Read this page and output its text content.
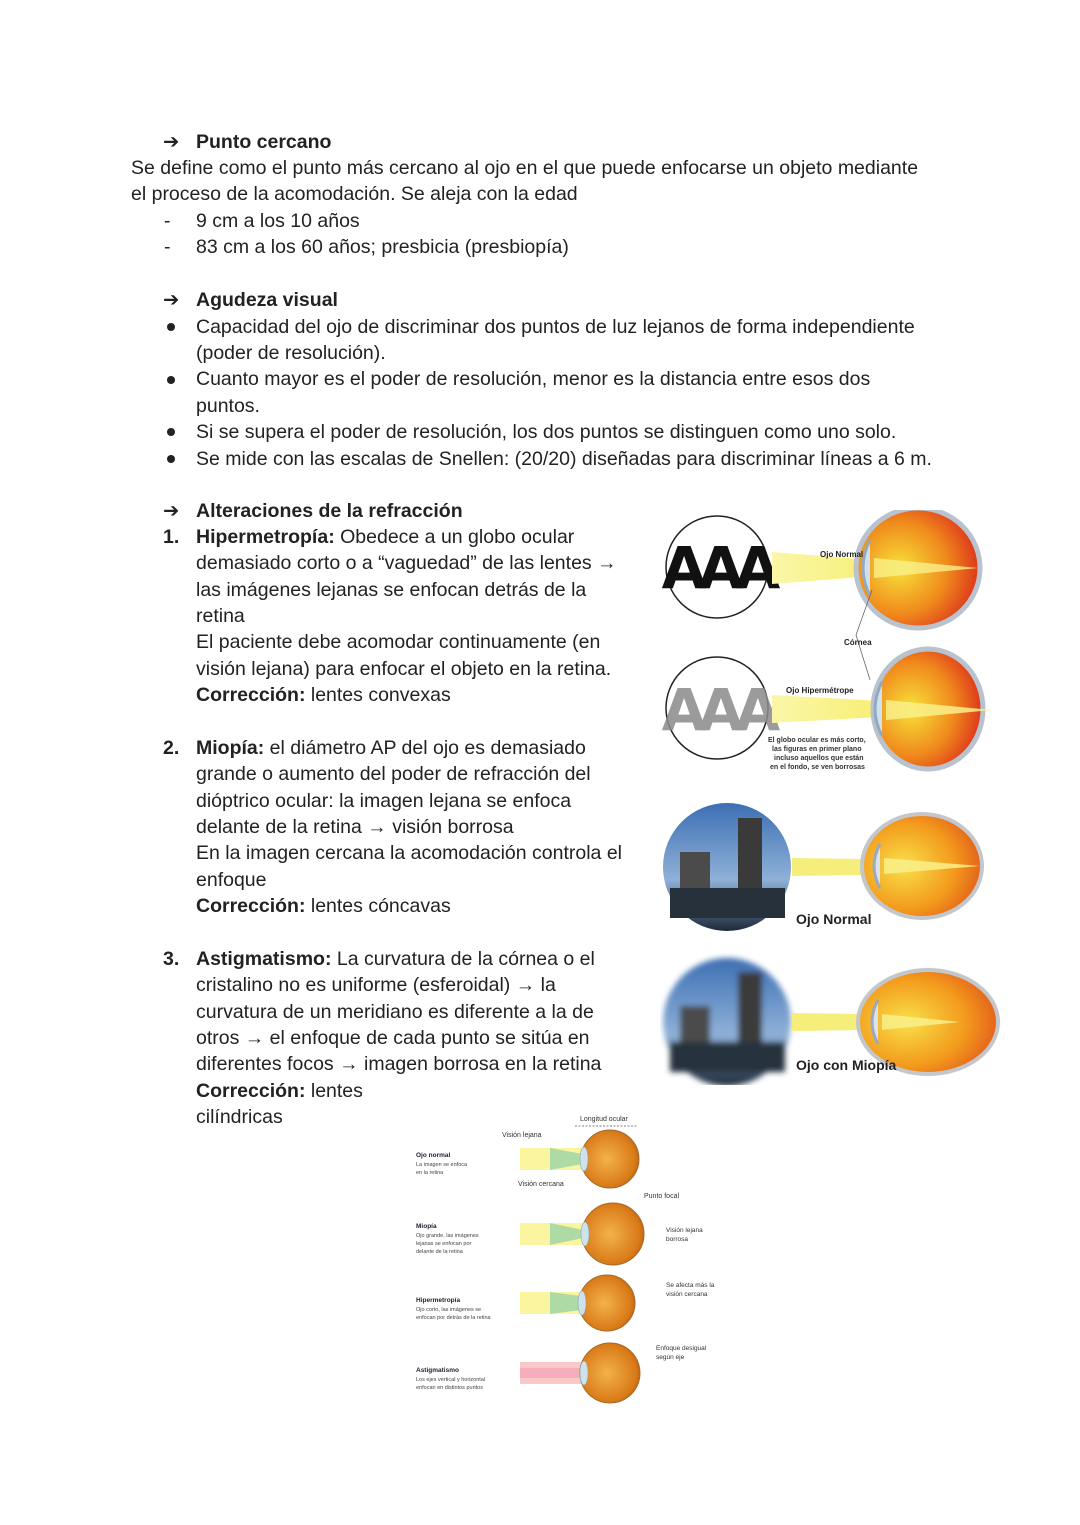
➔ Punto cercano
Se define como el punto más cercano al ojo en el que puede enfocarse un objeto mediante
el proceso de la acomodación. Se aleja con la edad
- 9 cm a los 10 años
- 83 cm a los 60 años; presbicia (presbiopía)
➔ Agudeza visual
Capacidad del ojo de discriminar dos puntos de luz lejanos de forma independiente
(poder de resolución).
Cuanto mayor es el poder de resolución, menor es la distancia entre esos dos
puntos.
Si se supera el poder de resolución, los dos puntos se distinguen como uno solo.
Se mide con las escalas de Snellen: (20/20) diseñadas para discriminar líneas a 6 m.
➔ Alteraciones de la refracción
1. Hipermetropía: Obedece a un globo ocular
demasiado corto o a “vaguedad” de las lentes →
las imágenes lejanas se enfocan detrás de la
retina
El paciente debe acomodar continuamente (en
visión lejana) para enfocar el objeto en la retina.
Corrección: lentes convexas
2. Miopía: el diámetro AP del ojo es demasiado
grande o aumento del poder de refracción del
dióptrico ocular: la imagen lejana se enfoca
delante de la retina → visión borrosa
En la imagen cercana la acomodación controla el
enfoque
Corrección: lentes cóncavas
3. Astigmatismo: La curvatura de la córnea o el
cristalino no es uniforme (esferoidal) → la
curvatura de un meridiano es diferente a la de
otros → el enfoque de cada punto se sitúa en
diferentes focos → imagen borrosa en la retina
Corrección: lentes
cilíndricas
AAA	Ojo Normal
Córnea
AAA	Ojo Hipermétrope
El globo ocular es más corto,
las figuras en primer plano
incluso aquellos que están
en el fondo, se ven borrosas
Ojo Normal
Ojo con Miopía
Longitud ocular
Visión lejana
Visión cercana
Punto focal
Ojo normal
La imagen se enfoca
en la retina
Miopía
Ojo grande, las imágenes
lejanas se enfocan por
delante de la retina
Visión lejana
borrosa
Hipermetropía
Ojo corto, las imágenes se
enfocan por detrás de la retina
Se afecta más la
visión cercana
Astigmatismo
Los ejes vertical y horizontal
enfocan en distintos puntos
Enfoque desigual
según eje
